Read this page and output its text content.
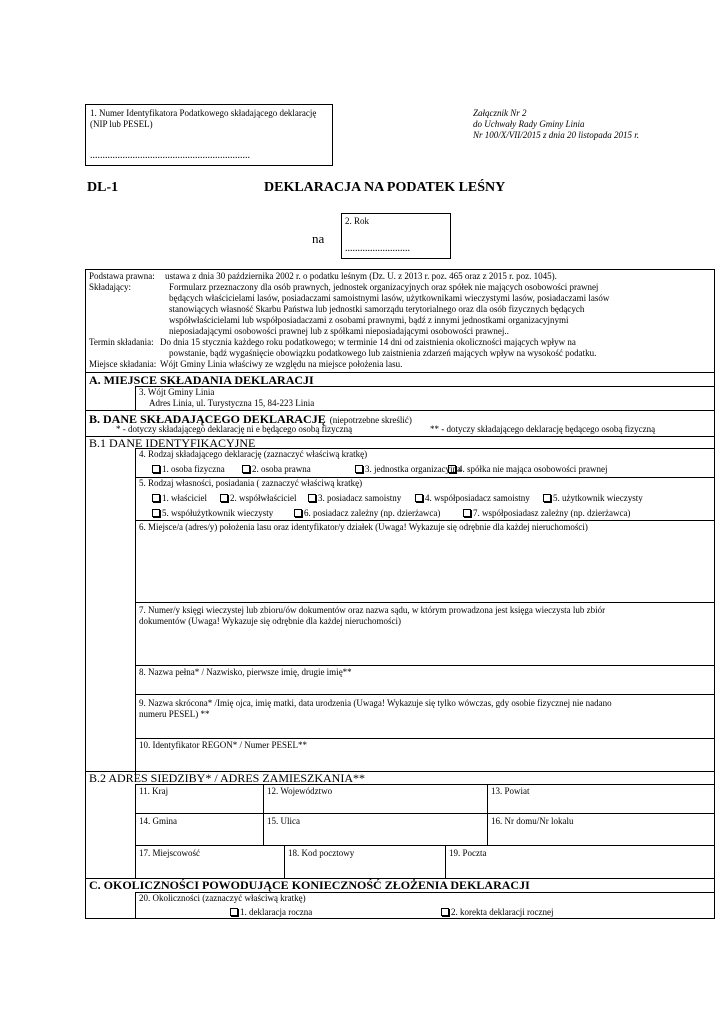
1. Numer Identyfikatora Podatkowego składającego deklarację (NIP lub PESEL)
................................................................
Załącznik Nr 2
do Uchwały Rady Gminy Linia
Nr 100/X/VII/2015 z dnia 20 listopada 2015 r.
DL-1	DEKLARACJA NA PODATEK LEŚNY
na
2. Rok
..........................
Podstawa prawna: ustawa z dnia 30 października 2002 r. o podatku leśnym (Dz. U. z 2013 r. poz. 465 oraz z 2015 r. poz. 1045).
Składający:	Formularz przeznaczony dla osób prawnych, jednostek organizacyjnych oraz spółek nie mających osobowości prawnej
będących właścicielami lasów, posiadaczami samoistnymi lasów, użytkownikami wieczystymi lasów, posiadaczami lasów
stanowiących własność Skarbu Państwa lub jednostki samorządu terytorialnego oraz dla osób fizycznych będących
współwłaścicielami lub współposiadaczami z osobami prawnymi, bądź z innymi jednostkami organizacyjnymi
nieposiadającymi osobowości prawnej lub z spółkami nieposiadającymi osobowości prawnej..
Termin składania: Do dnia 15 stycznia każdego roku podatkowego; w terminie 14 dni od zaistnienia okoliczności mających wpływ na
powstanie, bądź wygaśnięcie obowiązku podatkowego lub zaistnienia zdarzeń mających wpływ na wysokość podatku.
Miejsce składania: Wójt Gminy Linia właściwy ze względu na miejsce położenia lasu.
A. MIEJSCE SKŁADANIA DEKLARACJI
3. Wójt Gminy Linia
Adres Linia, ul. Turystyczna 15, 84-223 Linia
B. DANE SKŁADAJĄCEGO DEKLARACJĘ (niepotrzebne skreślić)
* - dotyczy składającego deklarację ni e będącego osobą fizyczną	** - dotyczy składającego deklarację będącego osobą fizyczną
B.1 DANE IDENTYFIKACYJNE
4. Rodzaj składającego deklarację (zaznaczyć właściwą kratkę)
1. osoba fizyczna	2. osoba prawna	3. jednostka organizacyjna
4. spółka nie mająca osobowości prawnej
5. Rodzaj własności, posiadania ( zaznaczyć właściwą kratkę)
1. właściciel	2. współwłaściciel	3. posiadacz samoistny	4. współposiadacz samoistny	5. użytkownik wieczysty
5. współużytkownik wieczysty	6. posiadacz zależny (np. dzierżawca)	7. współposiadasz zależny (np. dzierżawca)
6. Miejsce/a (adres/y) położenia lasu oraz identyfikator/y działek (Uwaga! Wykazuje się odrębnie dla każdej nieruchomości)
7. Numer/y księgi wieczystej lub zbioru/ów dokumentów oraz nazwa sądu, w którym prowadzona jest księga wieczysta lub zbiór
dokumentów (Uwaga! Wykazuje się odrębnie dla każdej nieruchomości)
8. Nazwa pełna* / Nazwisko, pierwsze imię, drugie imię**
9. Nazwa skrócona* /Imię ojca, imię matki, data urodzenia (Uwaga! Wykazuje się tylko wówczas, gdy osobie fizycznej nie nadano
numeru PESEL) **
10. Identyfikator REGON* / Numer PESEL**
B.2 ADRES SIEDZIBY* / ADRES ZAMIESZKANIA**
11. Kraj	12. Województwo	13. Powiat
14. Gmina	15. Ulica	16. Nr domu/Nr lokalu
17. Miejscowość	18. Kod pocztowy	19. Poczta
C. OKOLICZNOŚCI POWODUJĄCE KONIECZNOŚĆ ZŁOŻENIA DEKLARACJI
20. Okoliczności (zaznaczyć właściwą kratkę)
1. deklaracja roczna	2. korekta deklaracji rocznej
